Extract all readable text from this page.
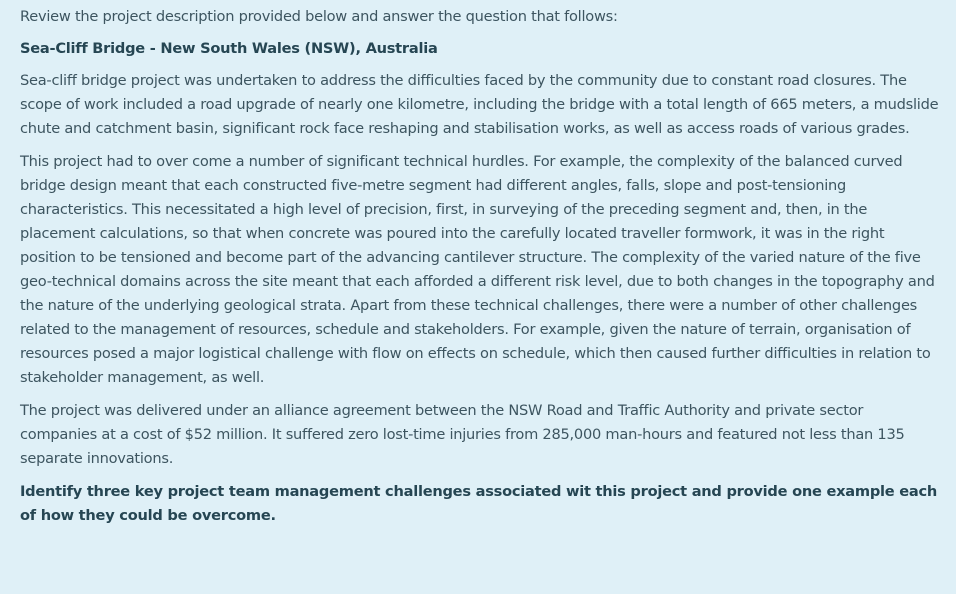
Review the project description provided below and answer the question that follows:

Sea-Cliff Bridge - New South Wales (NSW), Australia

Sea-cliff bridge project was undertaken to address the difficulties faced by the community due to constant road closures. The scope of work included a road upgrade of nearly one kilometre, including the bridge with a total length of 665 meters, a mudslide chute and catchment basin, significant rock face reshaping and stabilisation works, as well as access roads of various grades.

This project had to over come a number of significant technical hurdles. For example, the complexity of the balanced curved bridge design meant that each constructed five-metre segment had different angles, falls, slope and post-tensioning characteristics. This necessitated a high level of precision, first, in surveying of the preceding segment and, then, in the placement calculations, so that when concrete was poured into the carefully located traveller formwork, it was in the right position to be tensioned and become part of the advancing cantilever structure. The complexity of the varied nature of the five geo-technical domains across the site meant that each afforded a different risk level, due to both changes in the topography and the nature of the underlying geological strata. Apart from these technical challenges, there were a number of other challenges related to the management of resources, schedule and stakeholders. For example, given the nature of terrain, organisation of resources posed a major logistical challenge with flow on effects on schedule, which then caused further difficulties in relation to stakeholder management, as well.

The project was delivered under an alliance agreement between the NSW Road and Traffic Authority and private sector companies at a cost of $52 million. It suffered zero lost-time injuries from 285,000 man-hours and featured not less than 135 separate innovations.

Identify three key project team management challenges associated wit this project and provide one example each of how they could be overcome.
